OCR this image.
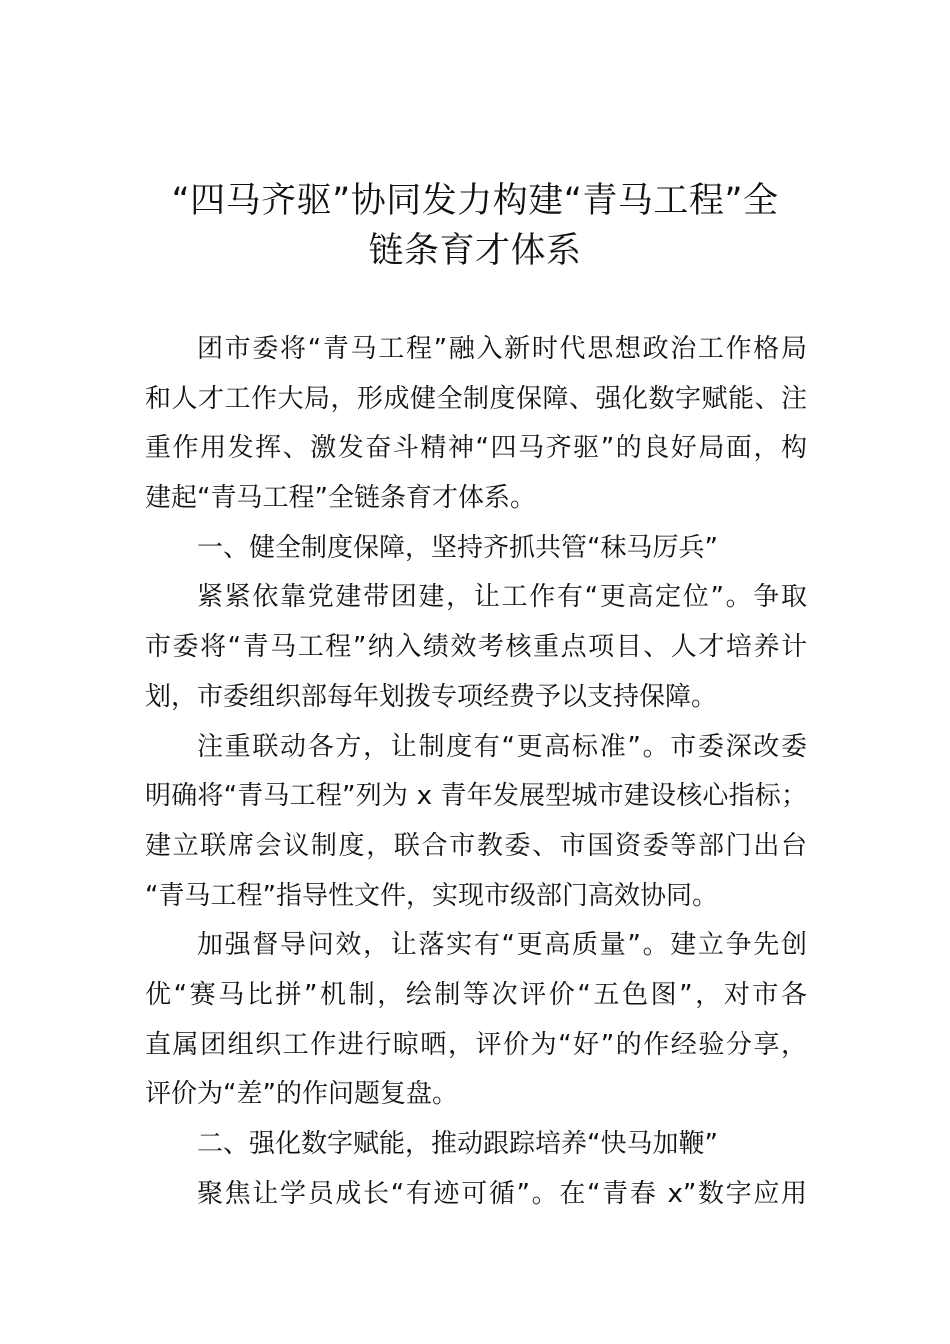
“四马齐驱”协同发力构建“青马工程”全
链条育才体系
团市委将“青马工程”融入新时代思想政治工作格局
和人才工作大局，形成健全制度保障、强化数字赋能、注
重作用发挥、激发奋斗精神“四马齐驱”的良好局面，构
建起“青马工程”全链条育才体系。
一、健全制度保障，坚持齐抓共管“秣马厉兵”
紧紧依靠党建带团建，让工作有“更高定位”。争取
市委将“青马工程”纳入绩效考核重点项目、人才培养计
划，市委组织部每年划拨专项经费予以支持保障。
注重联动各方，让制度有“更高标准”。市委深改委
明确将“青马工程”列为 x 青年发展型城市建设核心指标；
建立联席会议制度，联合市教委、市国资委等部门出台
“青马工程”指导性文件，实现市级部门高效协同。
加强督导问效，让落实有“更高质量”。建立争先创
优“赛马比拼”机制，绘制等次评价“五色图”，对市各
直属团组织工作进行晾晒，评价为“好”的作经验分享，
评价为“差”的作问题复盘。
二、强化数字赋能，推动跟踪培养“快马加鞭”
聚焦让学员成长“有迹可循”。在“青春 x”数字应用
